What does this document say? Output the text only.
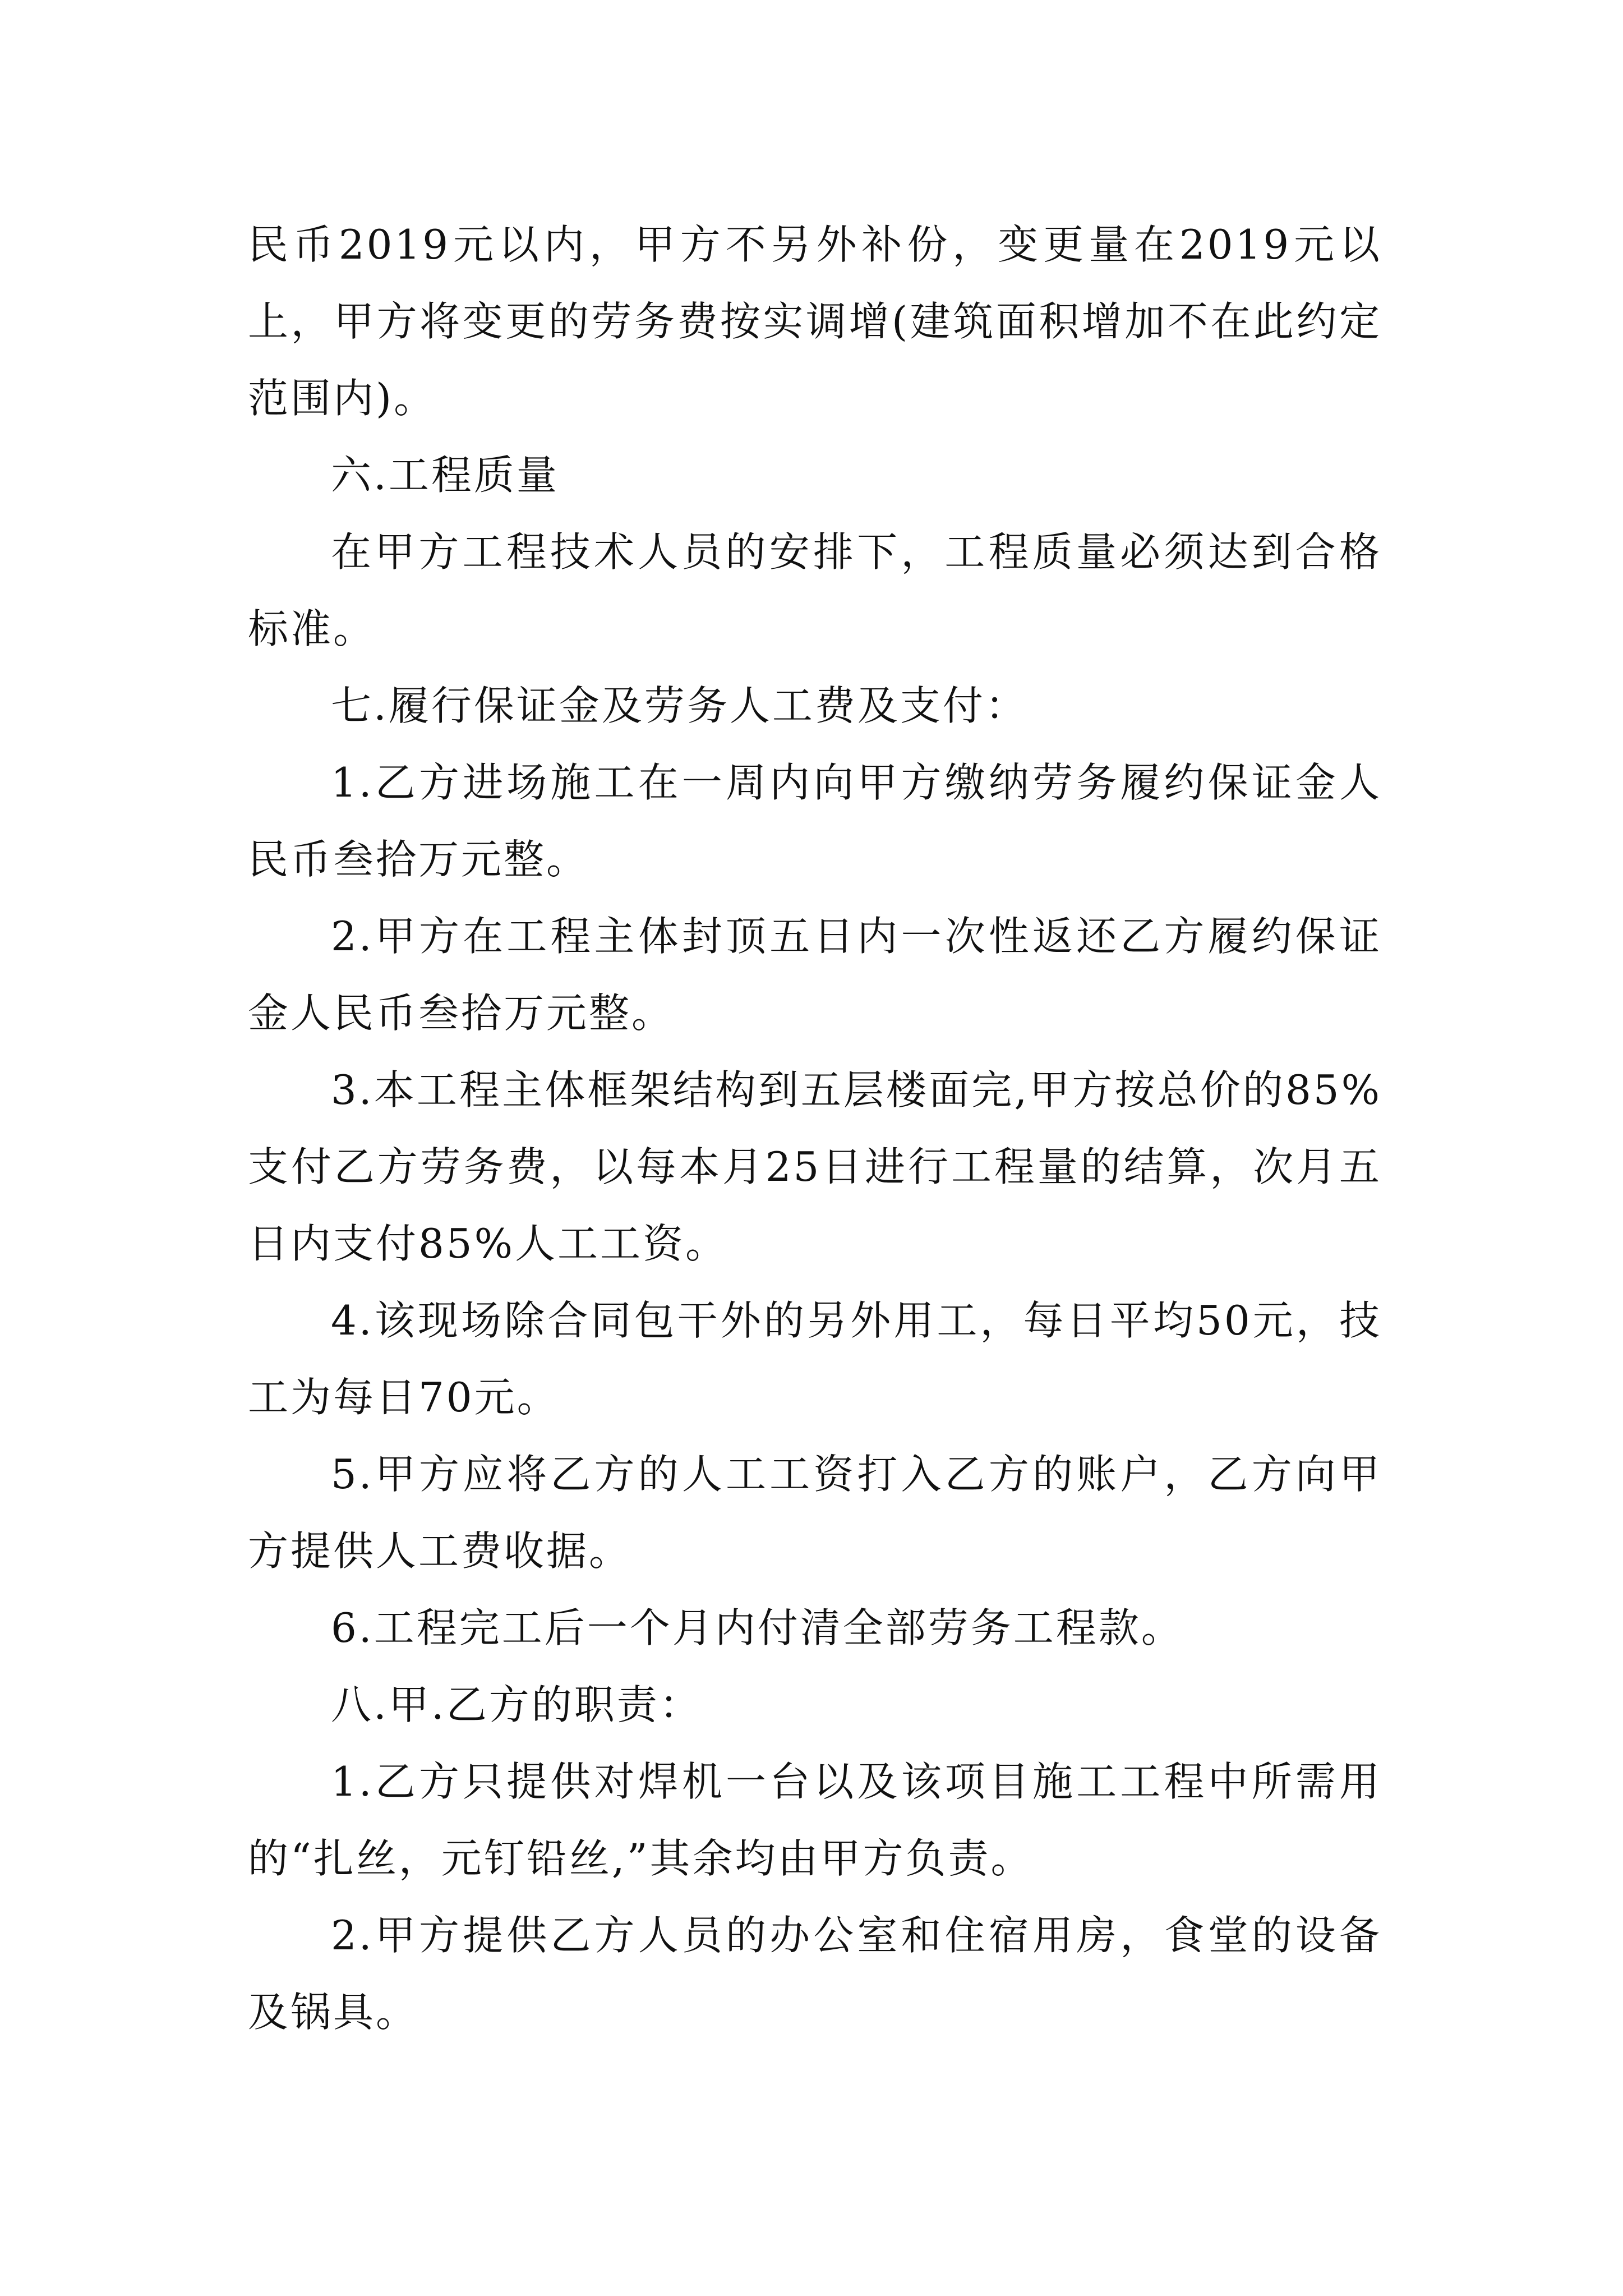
民币2019元以内，甲方不另外补份，变更量在2019元以上，甲方将变更的劳务费按实调增(建筑面积增加不在此约定范围内)。

六.工程质量

在甲方工程技术人员的安排下，工程质量必须达到合格标准。

七.履行保证金及劳务人工费及支付：

1.乙方进场施工在一周内向甲方缴纳劳务履约保证金人民币叁拾万元整。

2.甲方在工程主体封顶五日内一次性返还乙方履约保证金人民币叁拾万元整。

3.本工程主体框架结构到五层楼面完,甲方按总价的85%支付乙方劳务费，以每本月25日进行工程量的结算，次月五日内支付85%人工工资。

4.该现场除合同包干外的另外用工，每日平均50元，技工为每日70元。

5.甲方应将乙方的人工工资打入乙方的账户，乙方向甲方提供人工费收据。

6.工程完工后一个月内付清全部劳务工程款。

八.甲.乙方的职责：

1.乙方只提供对焊机一台以及该项目施工工程中所需用的“扎丝，元钉铅丝,”其余均由甲方负责。

2.甲方提供乙方人员的办公室和住宿用房，食堂的设备及锅具。
